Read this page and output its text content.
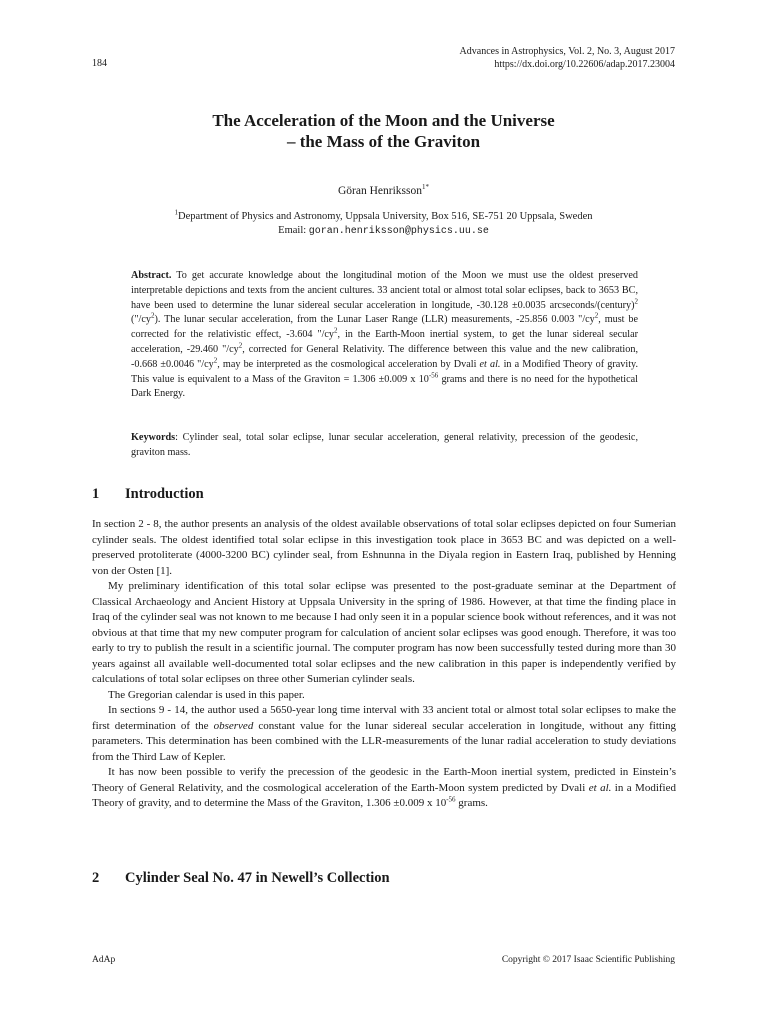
184
Advances in Astrophysics, Vol. 2, No. 3, August 2017
https://dx.doi.org/10.22606/adap.2017.23004
The Acceleration of the Moon and the Universe
– the Mass of the Graviton
Göran Henriksson$^{1*}$
$^1$Department of Physics and Astronomy, Uppsala University, Box 516, SE-751 20 Uppsala, Sweden
Email: goran.henriksson@physics.uu.se

Abstract. To get accurate knowledge about the longitudinal motion of the Moon we must use the oldest preserved interpretable depictions and texts from the ancient cultures. 33 ancient total or almost total solar eclipses, back to 3653 BC, have been used to determine the lunar sidereal secular acceleration in longitude, -30.128 ±0.0035 arcseconds/(century)$^2$ $("/cy^2)$. The lunar secular acceleration, from the Lunar Laser Range (LLR) measurements, -25.856 0.003 "$/cy^2$, must be corrected for the relativistic effect, -3.604 "$/cy^2$, in the Earth-Moon inertial system, to get the lunar sidereal secular acceleration, -29.460 "$/cy^2$, corrected for General Relativity. The difference between this value and the new calibration, -0.668 ±0.0046 "$/cy^2$, may be interpreted as the cosmological acceleration by Dvali et al. in a Modified Theory of gravity. This value is equivalent to a Mass of the Graviton = 1.306 ±0.009 x $10^{-56}$ grams and there is no need for the hypothetical Dark Energy.

Keywords: Cylinder seal, total solar eclipse, lunar secular acceleration, general relativity, precession of the geodesic, graviton mass.

1 Introduction

In section 2 - 8, the author presents an analysis of the oldest available observations of total solar eclipses depicted on four Sumerian cylinder seals. The oldest identified total solar eclipse in this investigation took place in 3653 BC and was depicted on a well-preserved protoliterate (4000-3200 BC) cylinder seal, from Eshnunna in the Diyala region in Eastern Iraq, published by Henning von der Osten [1].

My preliminary identification of this total solar eclipse was presented to the post-graduate seminar at the Department of Classical Archaeology and Ancient History at Uppsala University in the spring of 1986. However, at that time the finding place in Iraq of the cylinder seal was not known to me because I had only seen it in a popular science book without references, and it was not obvious at that time that my new computer program for calculation of ancient solar eclipses was good enough. Therefore, it was too early to try to publish the result in a scientific journal. The computer program has now been successfully tested during more than 30 years against all available well-documented total solar eclipses and the new calibration in this paper is independently verified by calculations of total solar eclipses on three other Sumerian cylinder seals.

The Gregorian calendar is used in this paper.

In sections 9 - 14, the author used a 5650-year long time interval with 33 ancient total or almost total solar eclipses to make the first determination of the observed constant value for the lunar sidereal secular acceleration in longitude, without any fitting parameters. This determination has been combined with the LLR-measurements of the lunar radial acceleration to study deviations from the Third Law of Kepler.

It has now been possible to verify the precession of the geodesic in the Earth-Moon inertial system, predicted in Einstein’s Theory of General Relativity, and the cosmological acceleration of the Earth-Moon system predicted by Dvali et al. in a Modified Theory of gravity, and to determine the Mass of the Graviton, 1.306 ±0.009 x $10^{-56}$ grams.

2 Cylinder Seal No. 47 in Newell’s Collection
AdAp	Copyright © 2017 Isaac Scientific Publishing
